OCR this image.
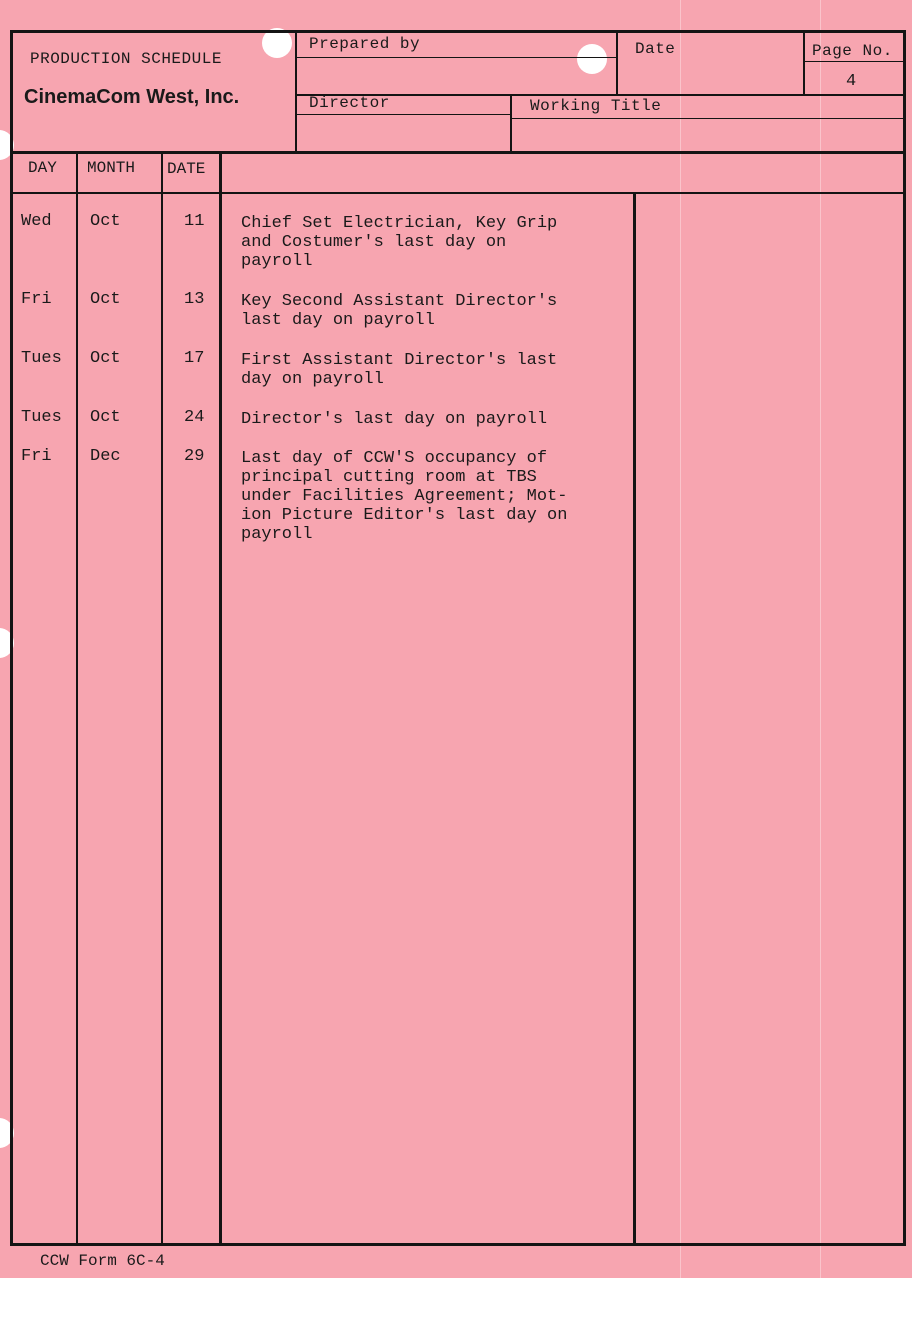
PRODUCTION SCHEDULE
CinemaCom West, Inc.
Prepared by	Date	Page No.
4
Director	Working Title
DAY MONTH DATE
Wed Oct	11 Chief Set Electrician, Key Grip
and Costumer's last day on
payroll
Fri Oct	13 Key Second Assistant Director's
last day on payroll
Tues Oct	17 First Assistant Director's last
day on payroll
Tues Oct	24 Director's last day on payroll
Fri Dec	29 Last day of CCW'S occupancy of
principal cutting room at TBS
under Facilities Agreement; Mot-
ion Picture Editor's last day on
payroll
CCW Form 6C-4
